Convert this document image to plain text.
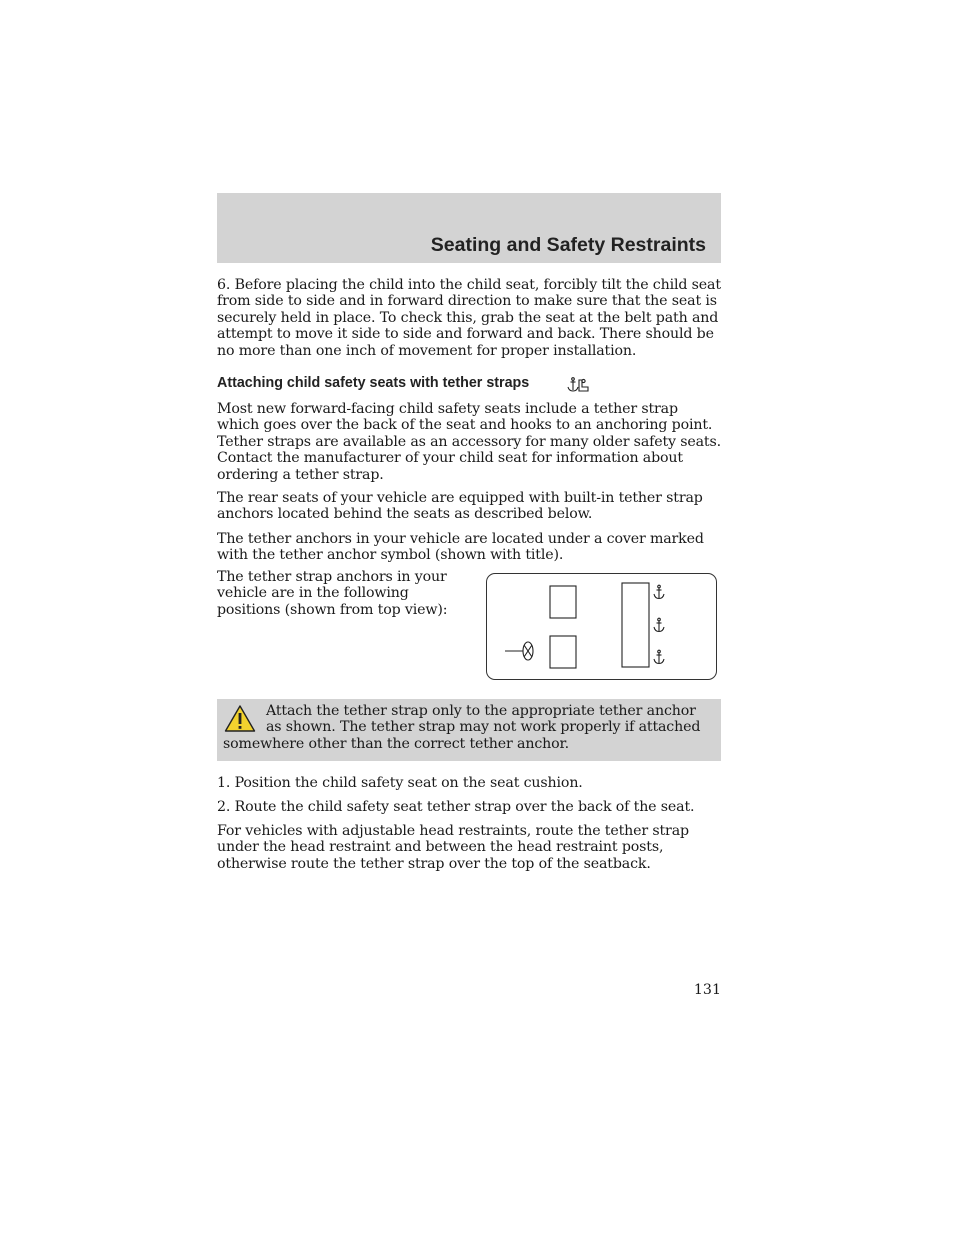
Seating and Safety Restraints

6. Before placing the child into the child seat, forcibly tilt the child seat from side to side and in forward direction to make sure that the seat is securely held in place. To check this, grab the seat at the belt path and attempt to move it side to side and forward and back. There should be no more than one inch of movement for proper installation.

Attaching child safety seats with tether straps

Most new forward-facing child safety seats include a tether strap which goes over the back of the seat and hooks to an anchoring point. Tether straps are available as an accessory for many older safety seats. Contact the manufacturer of your child seat for information about ordering a tether strap.

The rear seats of your vehicle are equipped with built-in tether strap anchors located behind the seats as described below.

The tether anchors in your vehicle are located under a cover marked with the tether anchor symbol (shown with title).

The tether strap anchors in your vehicle are in the following positions (shown from top view):

Attach the tether strap only to the appropriate tether anchor as shown. The tether strap may not work properly if attached somewhere other than the correct tether anchor.

1. Position the child safety seat on the seat cushion.

2. Route the child safety seat tether strap over the back of the seat.

For vehicles with adjustable head restraints, route the tether strap under the head restraint and between the head restraint posts, otherwise route the tether strap over the top of the seatback.

131
